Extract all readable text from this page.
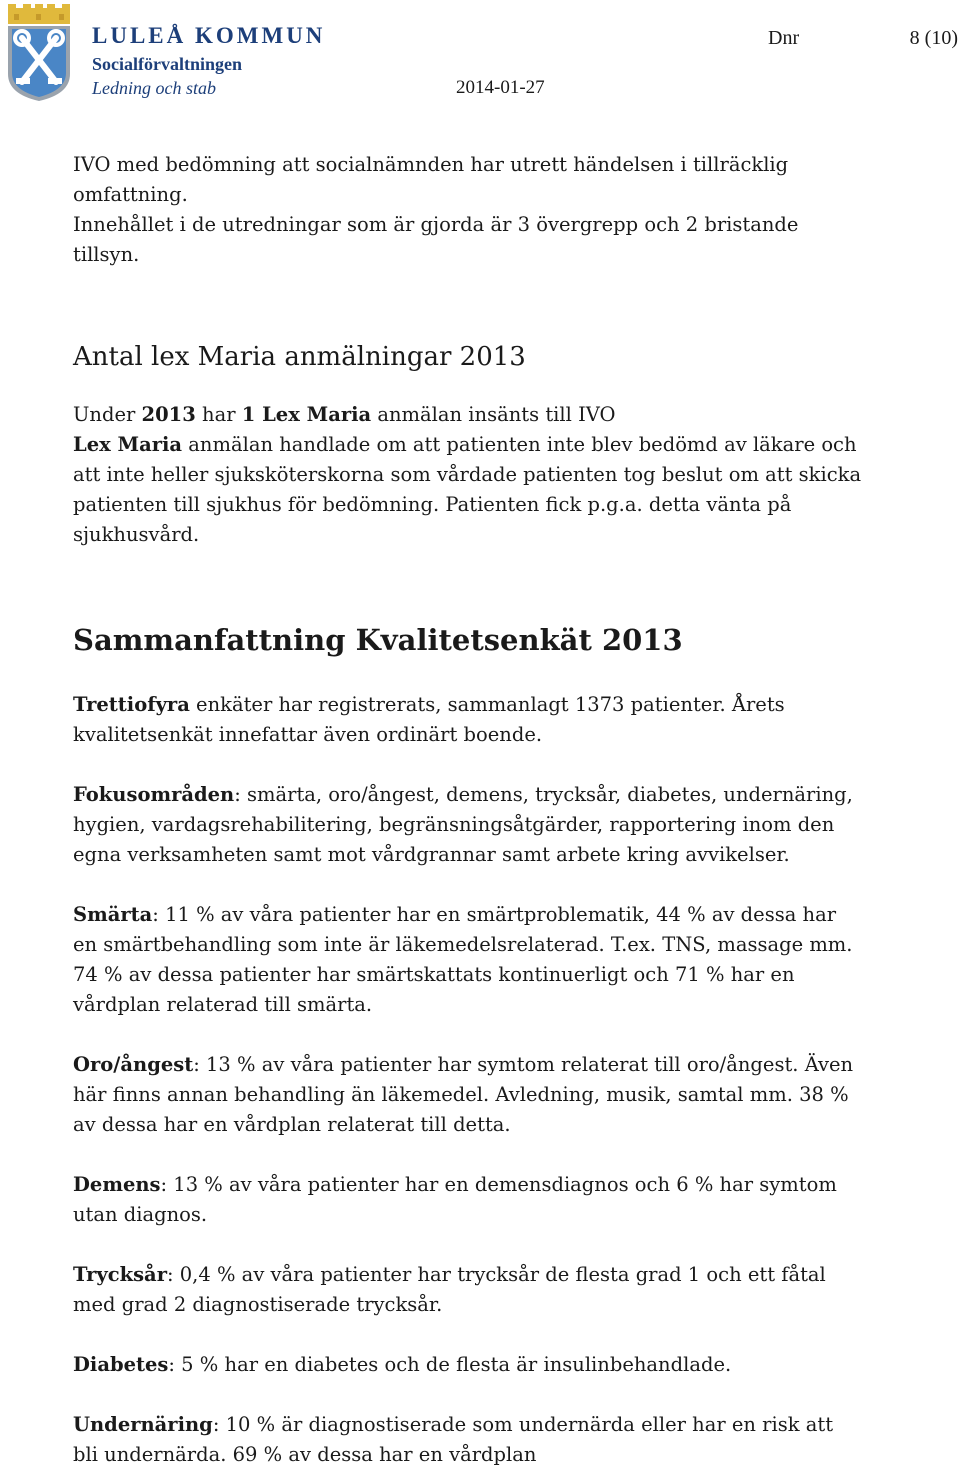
LULEÅ KOMMUN
Socialförvaltningen
Ledning och stab
Dnr	8 (10)
2014-01-27

IVO med bedömning att socialnämnden har utrett händelsen i tillräcklig
omfattning.
Innehållet i de utredningar som är gjorda är 3 övergrepp och 2 bristande tillsyn.

Antal lex Maria anmälningar 2013

Under 2013 har 1 Lex Maria anmälan insänts till IVO

Lex Maria anmälan handlade om att patienten inte blev bedömd av läkare och att inte heller sjuksköterskorna som vårdade patienten tog beslut om att skicka patienten till sjukhus för bedömning. Patienten fick p.g.a. detta vänta på sjukhusvård.

Sammanfattning Kvalitetsenkät 2013

Trettiofyra enkäter har registrerats, sammanlagt 1373 patienter. Årets kvalitetsenkät innefattar även ordinärt boende.

Fokusområden: smärta, oro/ångest, demens, trycksår, diabetes, undernäring, hygien, vardagsrehabilitering, begränsningsåtgärder, rapportering inom den egna verksamheten samt mot vårdgrannar samt arbete kring avvikelser.

Smärta: 11 % av våra patienter har en smärtproblematik, 44 % av dessa har en smärtbehandling som inte är läkemedelsrelaterad. T.ex. TNS, massage mm. 74 % av dessa patienter har smärtskattats kontinuerligt och 71 % har en vårdplan relaterad till smärta.

Oro/ångest: 13 % av våra patienter har symtom relaterat till oro/ångest. Även här finns annan behandling än läkemedel. Avledning, musik, samtal mm. 38 % av dessa har en vårdplan relaterat till detta.

Demens: 13 % av våra patienter har en demensdiagnos och 6 % har symtom utan diagnos.

Trycksår: 0,4 % av våra patienter har trycksår de flesta grad 1 och ett fåtal med grad 2 diagnostiserade trycksår.

Diabetes: 5 % har en diabetes och de flesta är insulinbehandlade.

Undernäring: 10 % är diagnostiserade som undernärda eller har en risk att bli undernärda. 69 % av dessa har en vårdplan
